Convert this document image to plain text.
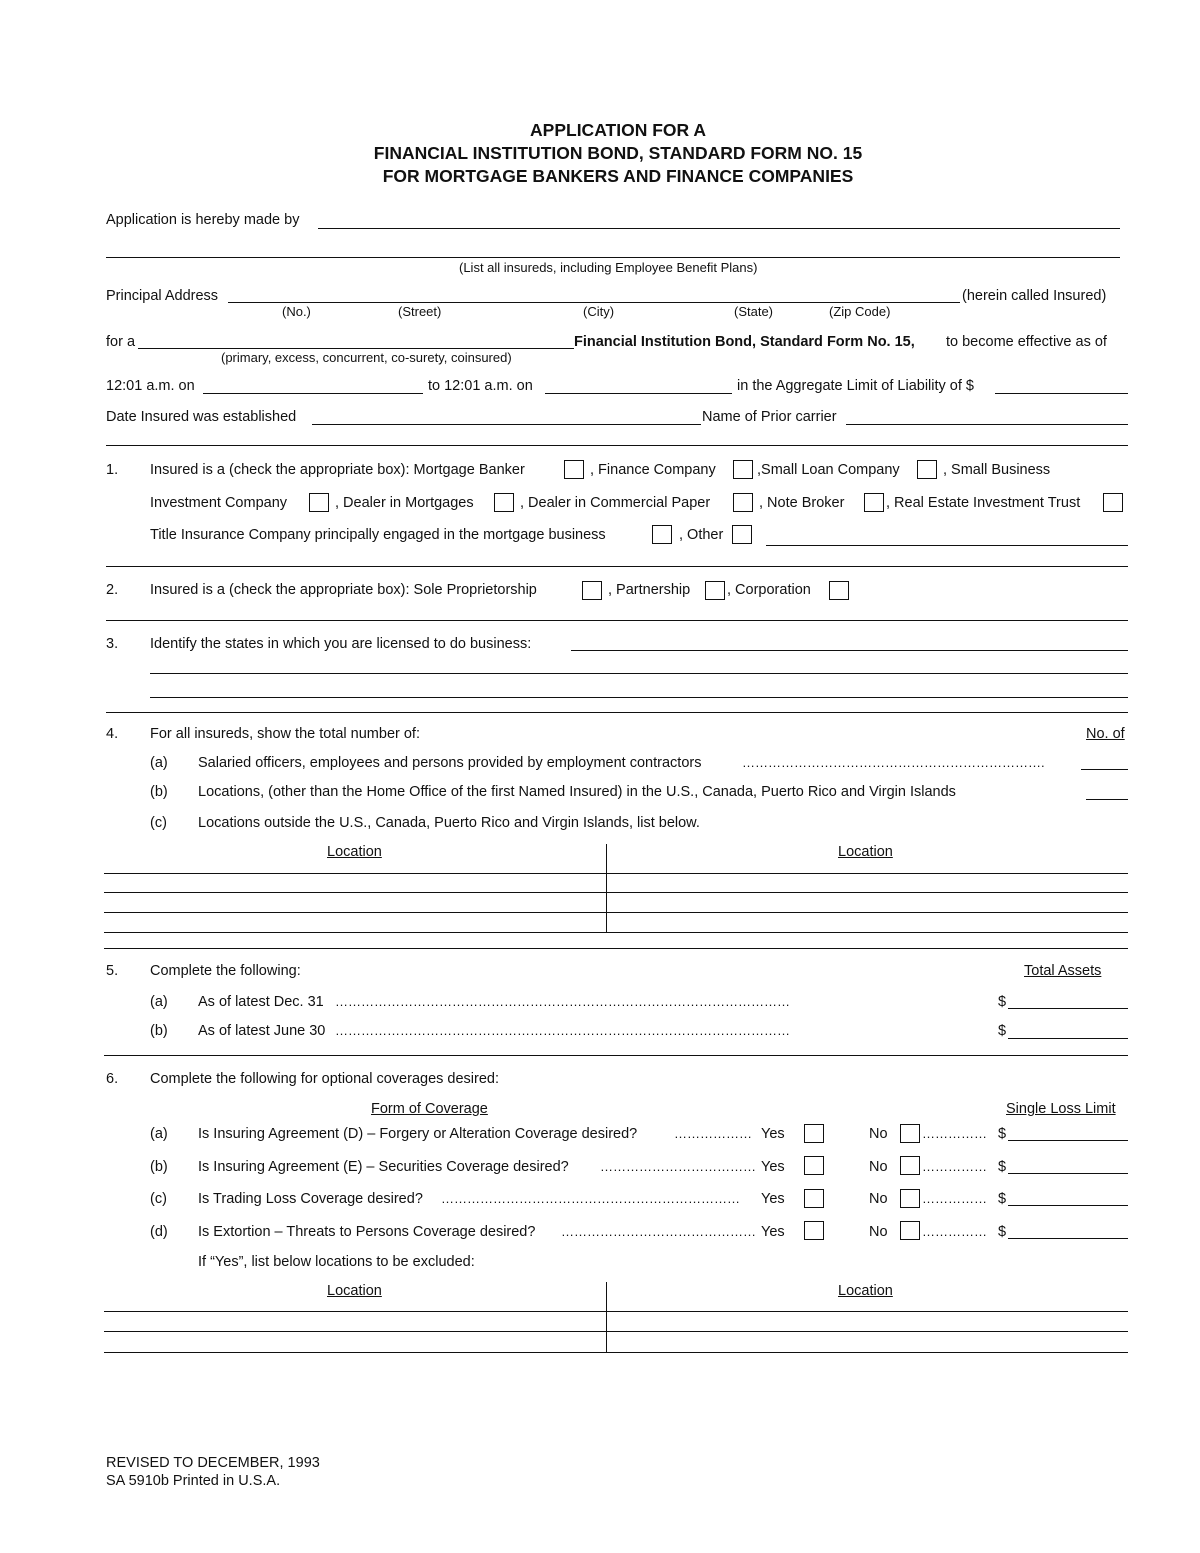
APPLICATION FOR A
FINANCIAL INSTITUTION BOND, STANDARD FORM NO. 15
FOR MORTGAGE BANKERS AND FINANCE COMPANIES
Application is hereby made by
(List all insureds, including Employee Benefit Plans)
Principal Address	(herein called Insured)
(No.)	(Street)	(City)	(State)	(Zip Code)
for a	Financial Institution Bond, Standard Form No. 15, to become effective as of
(primary, excess, concurrent, co-surety, coinsured)
12:01 a.m. on	to 12:01 a.m. on	in the Aggregate Limit of Liability of $
Date Insured was established	Name of Prior carrier
1. Insured is a (check the appropriate box): Mortgage Banker	, Finance Company	,Small Loan Company	, Small Business
Investment Company	, Dealer in Mortgages	, Dealer in Commercial Paper	, Note Broker	, Real Estate Investment Trust
Title Insurance Company principally engaged in the mortgage business	, Other
2. Insured is a (check the appropriate box): Sole Proprietorship	, Partnership	, Corporation
3. Identify the states in which you are licensed to do business:
4. For all insureds, show the total number of:	No. of
(a) Salaried officers, employees and persons provided by employment contractors	…………………………………………………………….
(b) Locations, (other than the Home Office of the first Named Insured) in the U.S., Canada, Puerto Rico and Virgin Islands
(c) Locations outside the U.S., Canada, Puerto Rico and Virgin Islands, list below.
Location	Location
5. Complete the following:	Total Assets
(a) As of latest Dec. 31 ……………………………………………………………………………………………	$
(b) As of latest June 30 ……………………………………………………………………………………………	$
6. Complete the following for optional coverages desired:
Form of Coverage	Single Loss Limit
(a) Is Insuring Agreement (D) – Forgery or Alteration Coverage desired?	……………… Yes	No	…………… $
(b) Is Insuring Agreement (E) – Securities Coverage desired? ……………………………… Yes	No	…………… $
(c) Is Trading Loss Coverage desired? ……………………………………………………………	Yes	No	…………… $
(d) Is Extortion – Threats to Persons Coverage desired? ……………………………………… Yes	No	…………… $
If “Yes”, list below locations to be excluded:
Location	Location
REVISED TO DECEMBER, 1993
SA 5910b Printed in U.S.A.
